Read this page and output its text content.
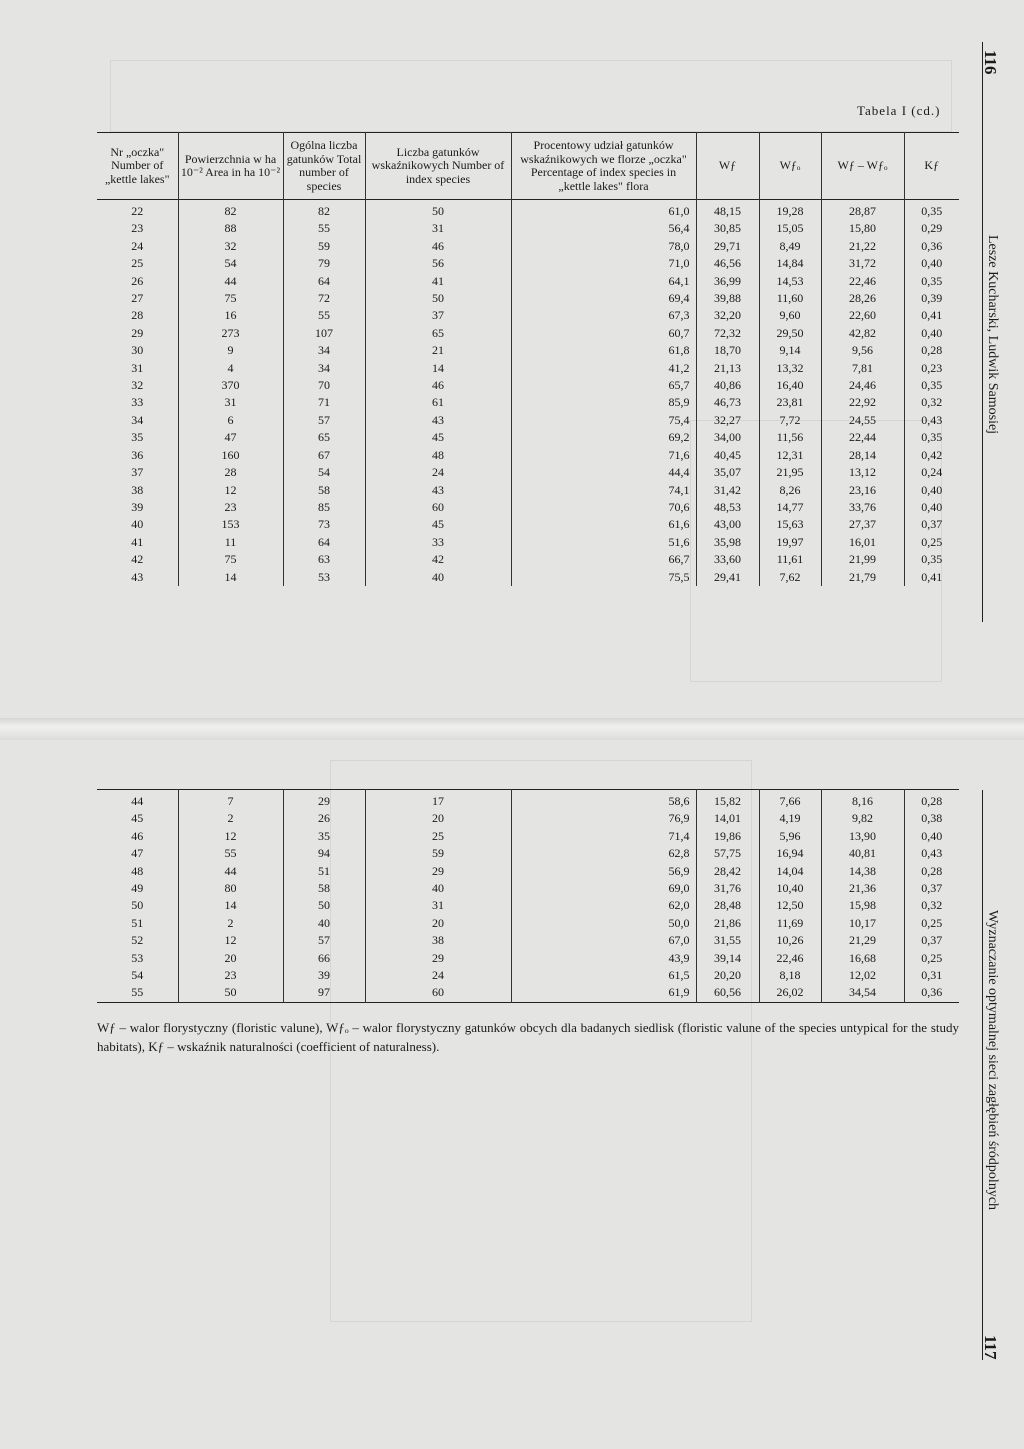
116
Lesze Kucharski, Ludwik Samosiej
Wyznaczanie optymalnej sieci zagłębień śródpolnych
117
Tabela I (cd.)
Nr „oczka" Number of „kettle lakes"	Powierzchnia w ha 10⁻² Area in ha 10⁻²	Ogólna liczba gatunków Total number of species	Liczba gatunków wskaźnikowych Number of index species	Procentowy udział gatunków wskaźnikowych we florze „oczka" Percentage of index species in „kettle lakes" flora	Wƒ	Wƒₒ	Wƒ – Wƒₒ	Kƒ
22	82	82	50	61,0	48,15	19,28	28,87	0,35
23	88	55	31	56,4	30,85	15,05	15,80	0,29
24	32	59	46	78,0	29,71	8,49	21,22	0,36
25	54	79	56	71,0	46,56	14,84	31,72	0,40
26	44	64	41	64,1	36,99	14,53	22,46	0,35
27	75	72	50	69,4	39,88	11,60	28,26	0,39
28	16	55	37	67,3	32,20	9,60	22,60	0,41
29	273	107	65	60,7	72,32	29,50	42,82	0,40
30	9	34	21	61,8	18,70	9,14	9,56	0,28
31	4	34	14	41,2	21,13	13,32	7,81	0,23
32	370	70	46	65,7	40,86	16,40	24,46	0,35
33	31	71	61	85,9	46,73	23,81	22,92	0,32
34	6	57	43	75,4	32,27	7,72	24,55	0,43
35	47	65	45	69,2	34,00	11,56	22,44	0,35
36	160	67	48	71,6	40,45	12,31	28,14	0,42
37	28	54	24	44,4	35,07	21,95	13,12	0,24
38	12	58	43	74,1	31,42	8,26	23,16	0,40
39	23	85	60	70,6	48,53	14,77	33,76	0,40
40	153	73	45	61,6	43,00	15,63	27,37	0,37
41	11	64	33	51,6	35,98	19,97	16,01	0,25
42	75	63	42	66,7	33,60	11,61	21,99	0,35
43	14	53	40	75,5	29,41	7,62	21,79	0,41
44	7	29	17	58,6	15,82	7,66	8,16	0,28
45	2	26	20	76,9	14,01	4,19	9,82	0,38
46	12	35	25	71,4	19,86	5,96	13,90	0,40
47	55	94	59	62,8	57,75	16,94	40,81	0,43
48	44	51	29	56,9	28,42	14,04	14,38	0,28
49	80	58	40	69,0	31,76	10,40	21,36	0,37
50	14	50	31	62,0	28,48	12,50	15,98	0,32
51	2	40	20	50,0	21,86	11,69	10,17	0,25
52	12	57	38	67,0	31,55	10,26	21,29	0,37
53	20	66	29	43,9	39,14	22,46	16,68	0,25
54	23	39	24	61,5	20,20	8,18	12,02	0,31
55	50	97	60	61,9	60,56	26,02	34,54	0,36
Wƒ – walor florystyczny (floristic valune), Wƒₒ – walor florystyczny gatunków obcych dla badanych siedlisk (floristic valune of the species untypical for the study habitats), Kƒ – wskaźnik naturalności (coefficient of naturalness).
